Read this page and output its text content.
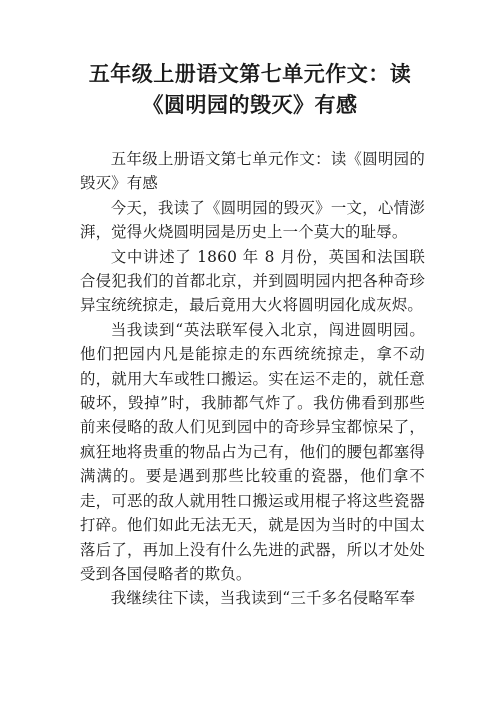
五年级上册语文第七单元作文：读
《圆明园的毁灭》有感

五年级上册语文第七单元作文：读《圆明园的毁灭》有感

今天，我读了《圆明园的毁灭》一文，心情澎湃，觉得火烧圆明园是历史上一个莫大的耻辱。

文中讲述了 1860 年 8 月份，英国和法国联合侵犯我们的首都北京，并到圆明园内把各种奇珍异宝统统掠走，最后竟用大火将圆明园化成灰烬。

当我读到“英法联军侵入北京，闯进圆明园。他们把园内凡是能掠走的东西统统掠走，拿不动的，就用大车或牲口搬运。实在运不走的，就任意破坏，毁掉”时，我肺都气炸了。我仿佛看到那些前来侵略的敌人们见到园中的奇珍异宝都惊呆了，疯狂地将贵重的物品占为己有，他们的腰包都塞得满满的。要是遇到那些比较重的瓷器，他们拿不走，可恶的敌人就用牲口搬运或用棍子将这些瓷器打碎。他们如此无法无天，就是因为当时的中国太落后了，再加上没有什么先进的武器，所以才处处受到各国侵略者的欺负。

我继续往下读，当我读到“三千多名侵略军奉
